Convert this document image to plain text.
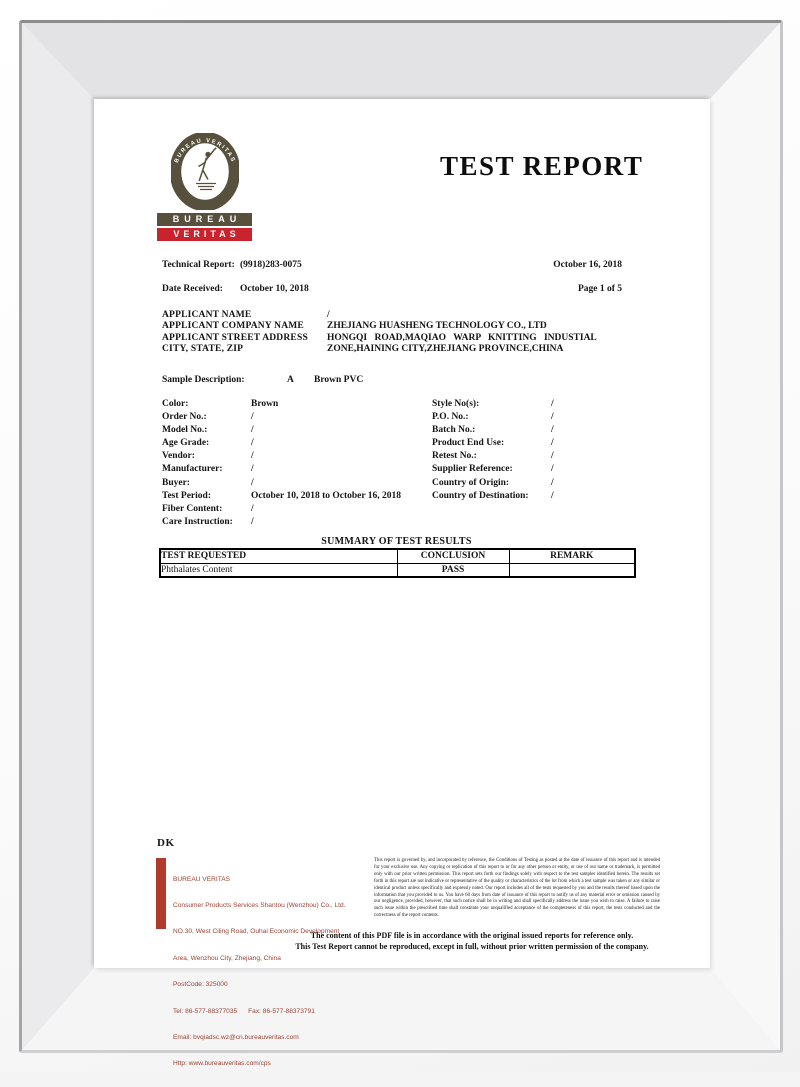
BUREAU VERITAS
1828
BUREAU
VERITAS
TEST REPORT
Technical Report: (9918)283-0075	October 16, 2018
Date Received: October 10, 2018	Page 1 of 5
APPLICANT NAME	/
APPLICANT COMPANY NAME ZHEJIANG HUASHENG TECHNOLOGY CO., LTD
APPLICANT STREET ADDRESS HONGQI ROAD,MAQIAO WARP KNITTING INDUSTIAL
CITY, STATE, ZIP	ZONE,HAINING CITY,ZHEJIANG PROVINCE,CHINA
Sample Description:	A Brown PVC
Color:	Brown	Style No(s):	/
Order No.:	/	P.O. No.:	/
Model No.:	/	Batch No.:	/
Age Grade:	/	Product End Use:	/
Vendor:	/	Retest No.:	/
Manufacturer:	/	Supplier Reference:	/
Buyer:	/	Country of Origin:	/
Test Period:	October 10, 2018 to October 16, 2018	Country of Destination: /
Fiber Content:	/
Care Instruction: /
SUMMARY OF TEST RESULTS
TEST REQUESTED	CONCLUSION	REMARK
Phthalates Content	PASS	
DK

BUREAU VERITAS

Consumer Products Services Shantou (Wenzhou) Co., Ltd.

NO.30, West Ciling Road, Ouhai Economic Development

Area, Wenzhou City, Zhejiang, China

PostCode: 325000

Tel: 86-577-88377035      Fax: 86-577-88373791

Email: bvqiadsc.wz@cn.bureauveritas.com

Http: www.bureauveritas.com/cps

This report is governed by, and incorporated by reference, the Conditions of Testing as posted at the date of issuance of this report and is intended for your exclusive use. Any copying or replication of this report to or for any other person or entity, or use of our name or trademark, is permitted only with our prior written permission. This report sets forth our findings solely with respect to the test samples identified herein. The results set forth in this report are not indicative or representative of the quality or characteristics of the lot from which a test sample was taken or any similar or identical product unless specifically and expressly noted. Our report includes all of the tests requested by you and the results thereof based upon the information that you provided to us. You have 60 days from date of issuance of this report to notify us of any material error or omission caused by our negligence, provided, however, that such notice shall be in writing and shall specifically address the issue you wish to raise. A failure to raise such issue within the prescribed time shall constitute your unqualified acceptance of the completeness of this report, the tests conducted and the correctness of the report contents.
The content of this PDF file is in accordance with the original issued reports for reference only.
This Test Report cannot be reproduced, except in full, without prior written permission of the company.
